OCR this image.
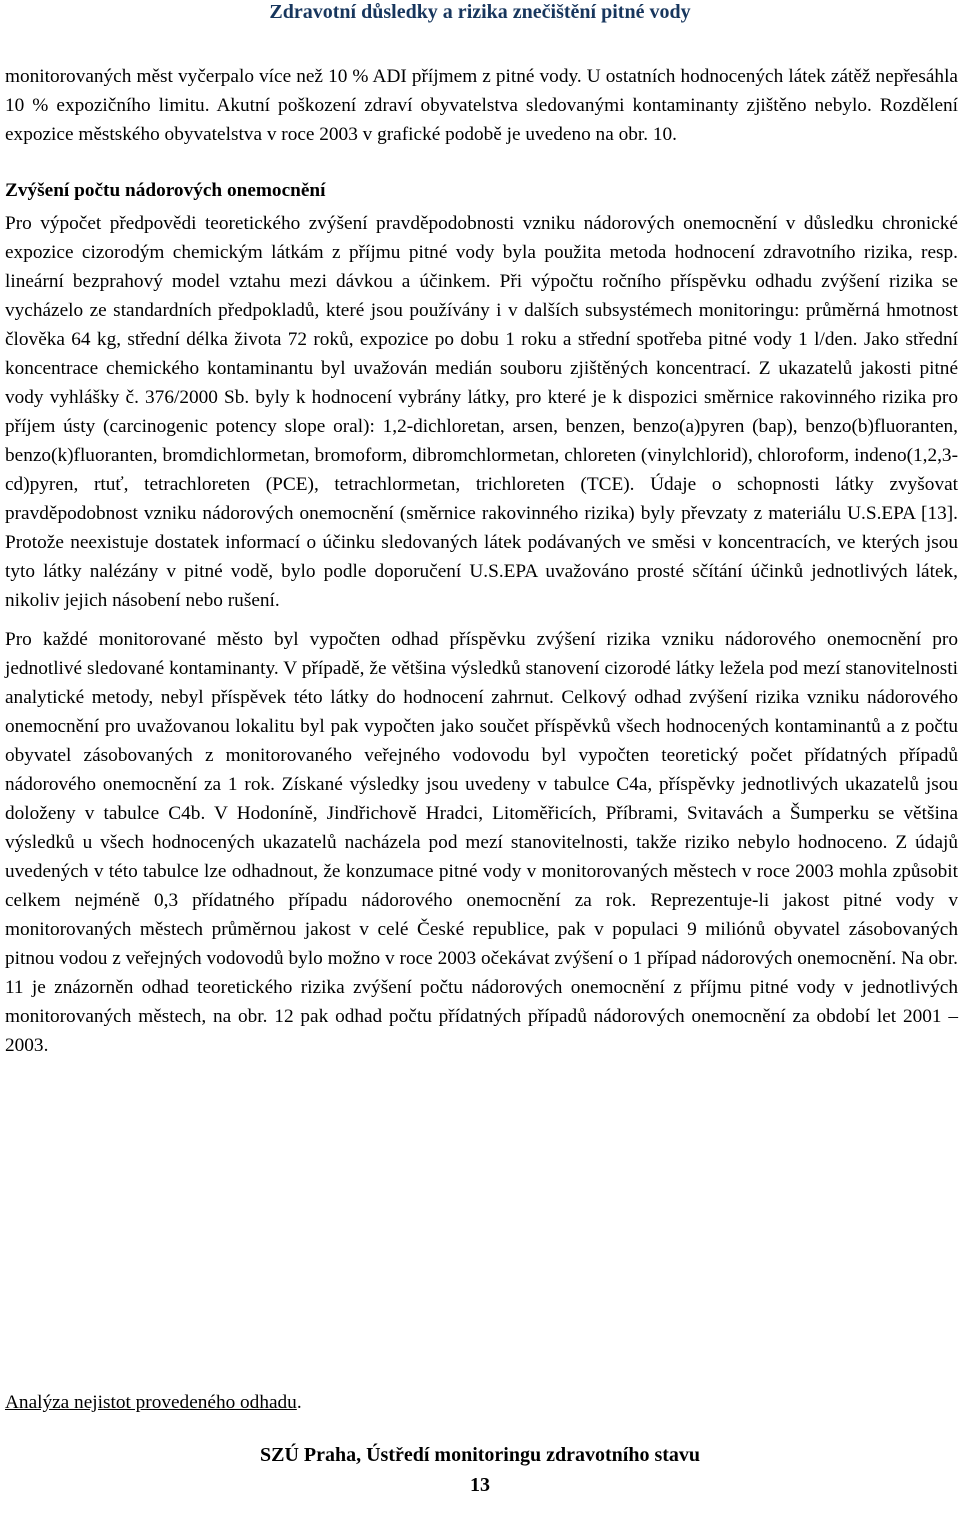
Zdravotní důsledky a rizika znečištění pitné vody

monitorovaných měst vyčerpalo více než 10 % ADI příjmem z pitné vody. U ostatních hodnocených látek zátěž nepřesáhla 10 % expozičního limitu. Akutní poškození zdraví obyvatelstva sledovanými kontaminanty zjištěno nebylo. Rozdělení expozice městského obyvatelstva v roce 2003 v grafické podobě je uvedeno na obr. 10.

Zvýšení počtu nádorových onemocnění

Pro výpočet předpovědi teoretického zvýšení pravděpodobnosti vzniku nádorových onemocnění v důsledku chronické expozice cizorodým chemickým látkám z příjmu pitné vody byla použita metoda hodnocení zdravotního rizika, resp. lineární bezprahový model vztahu mezi dávkou a účinkem. Při výpočtu ročního příspěvku odhadu zvýšení rizika se vycházelo ze standardních předpokladů, které jsou používány i v dalších subsystémech monitoringu: průměrná hmotnost člověka 64 kg, střední délka života 72 roků, expozice po dobu 1 roku a střední spotřeba pitné vody 1 l/den. Jako střední koncentrace chemického kontaminantu byl uvažován medián souboru zjištěných koncentrací. Z ukazatelů jakosti pitné vody vyhlášky č. 376/2000 Sb. byly k hodnocení vybrány látky, pro které je k dispozici směrnice rakovinného rizika pro příjem ústy (carcinogenic potency slope oral): 1,2-dichloretan, arsen, benzen, benzo(a)pyren (bap), benzo(b)fluoranten, benzo(k)fluoranten, bromdichlormetan, bromoform, dibromchlormetan, chloreten (vinylchlorid), chloroform, indeno(1,2,3-cd)pyren, rtuť, tetrachloreten (PCE), tetrachlormetan, trichloreten (TCE). Údaje o schopnosti látky zvyšovat pravděpodobnost vzniku nádorových onemocnění (směrnice rakovinného rizika) byly převzaty z materiálu U.S.EPA [13]. Protože neexistuje dostatek informací o účinku sledovaných látek podávaných ve směsi v koncentracích, ve kterých jsou tyto látky nalézány v pitné vodě, bylo podle doporučení U.S.EPA uvažováno prosté sčítání účinků jednotlivých látek, nikoliv jejich násobení nebo rušení.

Pro každé monitorované město byl vypočten odhad příspěvku zvýšení rizika vzniku nádorového onemocnění pro jednotlivé sledované kontaminanty. V případě, že většina výsledků stanovení cizorodé látky ležela pod mezí stanovitelnosti analytické metody, nebyl příspěvek této látky do hodnocení zahrnut. Celkový odhad zvýšení rizika vzniku nádorového onemocnění pro uvažovanou lokalitu byl pak vypočten jako součet příspěvků všech hodnocených kontaminantů a z počtu obyvatel zásobovaných z monitorovaného veřejného vodovodu byl vypočten teoretický počet přídatných případů nádorového onemocnění za 1 rok. Získané výsledky jsou uvedeny v tabulce C4a, příspěvky jednotlivých ukazatelů jsou doloženy v tabulce C4b. V Hodoníně, Jindřichově Hradci, Litoměřicích, Příbrami, Svitavách a Šumperku se většina výsledků u všech hodnocených ukazatelů nacházela pod mezí stanovitelnosti, takže riziko nebylo hodnoceno. Z údajů uvedených v této tabulce lze odhadnout, že konzumace pitné vody v monitorovaných městech v roce 2003 mohla způsobit celkem nejméně 0,3 přídatného případu nádorového onemocnění za rok. Reprezentuje-li jakost pitné vody v monitorovaných městech průměrnou jakost v celé České republice, pak v populaci 9 miliónů obyvatel zásobovaných pitnou vodou z veřejných vodovodů bylo možno v roce 2003 očekávat zvýšení o 1 případ nádorových onemocnění. Na obr. 11 je znázorněn odhad teoretického rizika zvýšení počtu nádorových onemocnění z příjmu pitné vody v jednotlivých monitorovaných městech, na obr. 12 pak odhad počtu přídatných případů nádorových onemocnění za období let 2001 – 2003.

Analýza nejistot provedeného odhadu.
SZÚ Praha, Ústředí monitoringu zdravotního stavu
13
